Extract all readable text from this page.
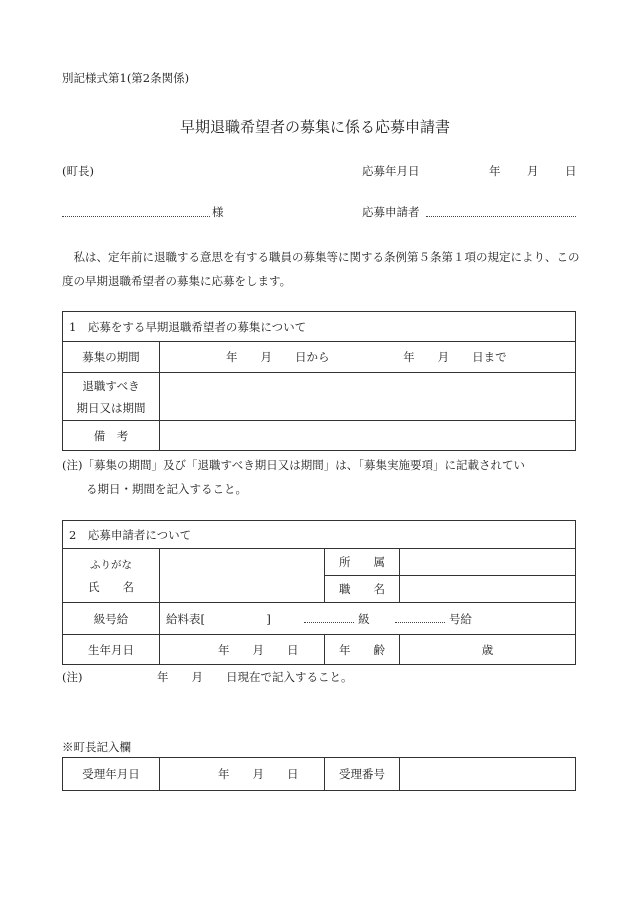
別記様式第1(第2条関係)
早期退職希望者の募集に係る応募申請書
(町長)	応募年月日	年 月 日
様	応募申請者
　私は、定年前に退職する意思を有する職員の募集等に関する条例第５条第１項の規定により、この度の早期退職希望者の募集に応募をします。
1　応募をする早期退職希望者の募集について	
募集の期間	年　　月　　日から 年　　月　　日まで

退職すべき
期日又は期間	

備　考	
(注)「募集の期間」及び「退職すべき期日又は期間」は、「募集実施要項」に記載されてい
る期日・期間を記入すること。
2　応募申請者について			

ふりがな
氏　　名		所　　属	
		職　　名	
級号給	給料表[ ] 級 号給		
生年月日	年　　月　　日	年　　齢	歳
(注)	年　　月　　日現在で記入すること。
※町長記入欄
受理年月日	年　　月　　日	受理番号	
